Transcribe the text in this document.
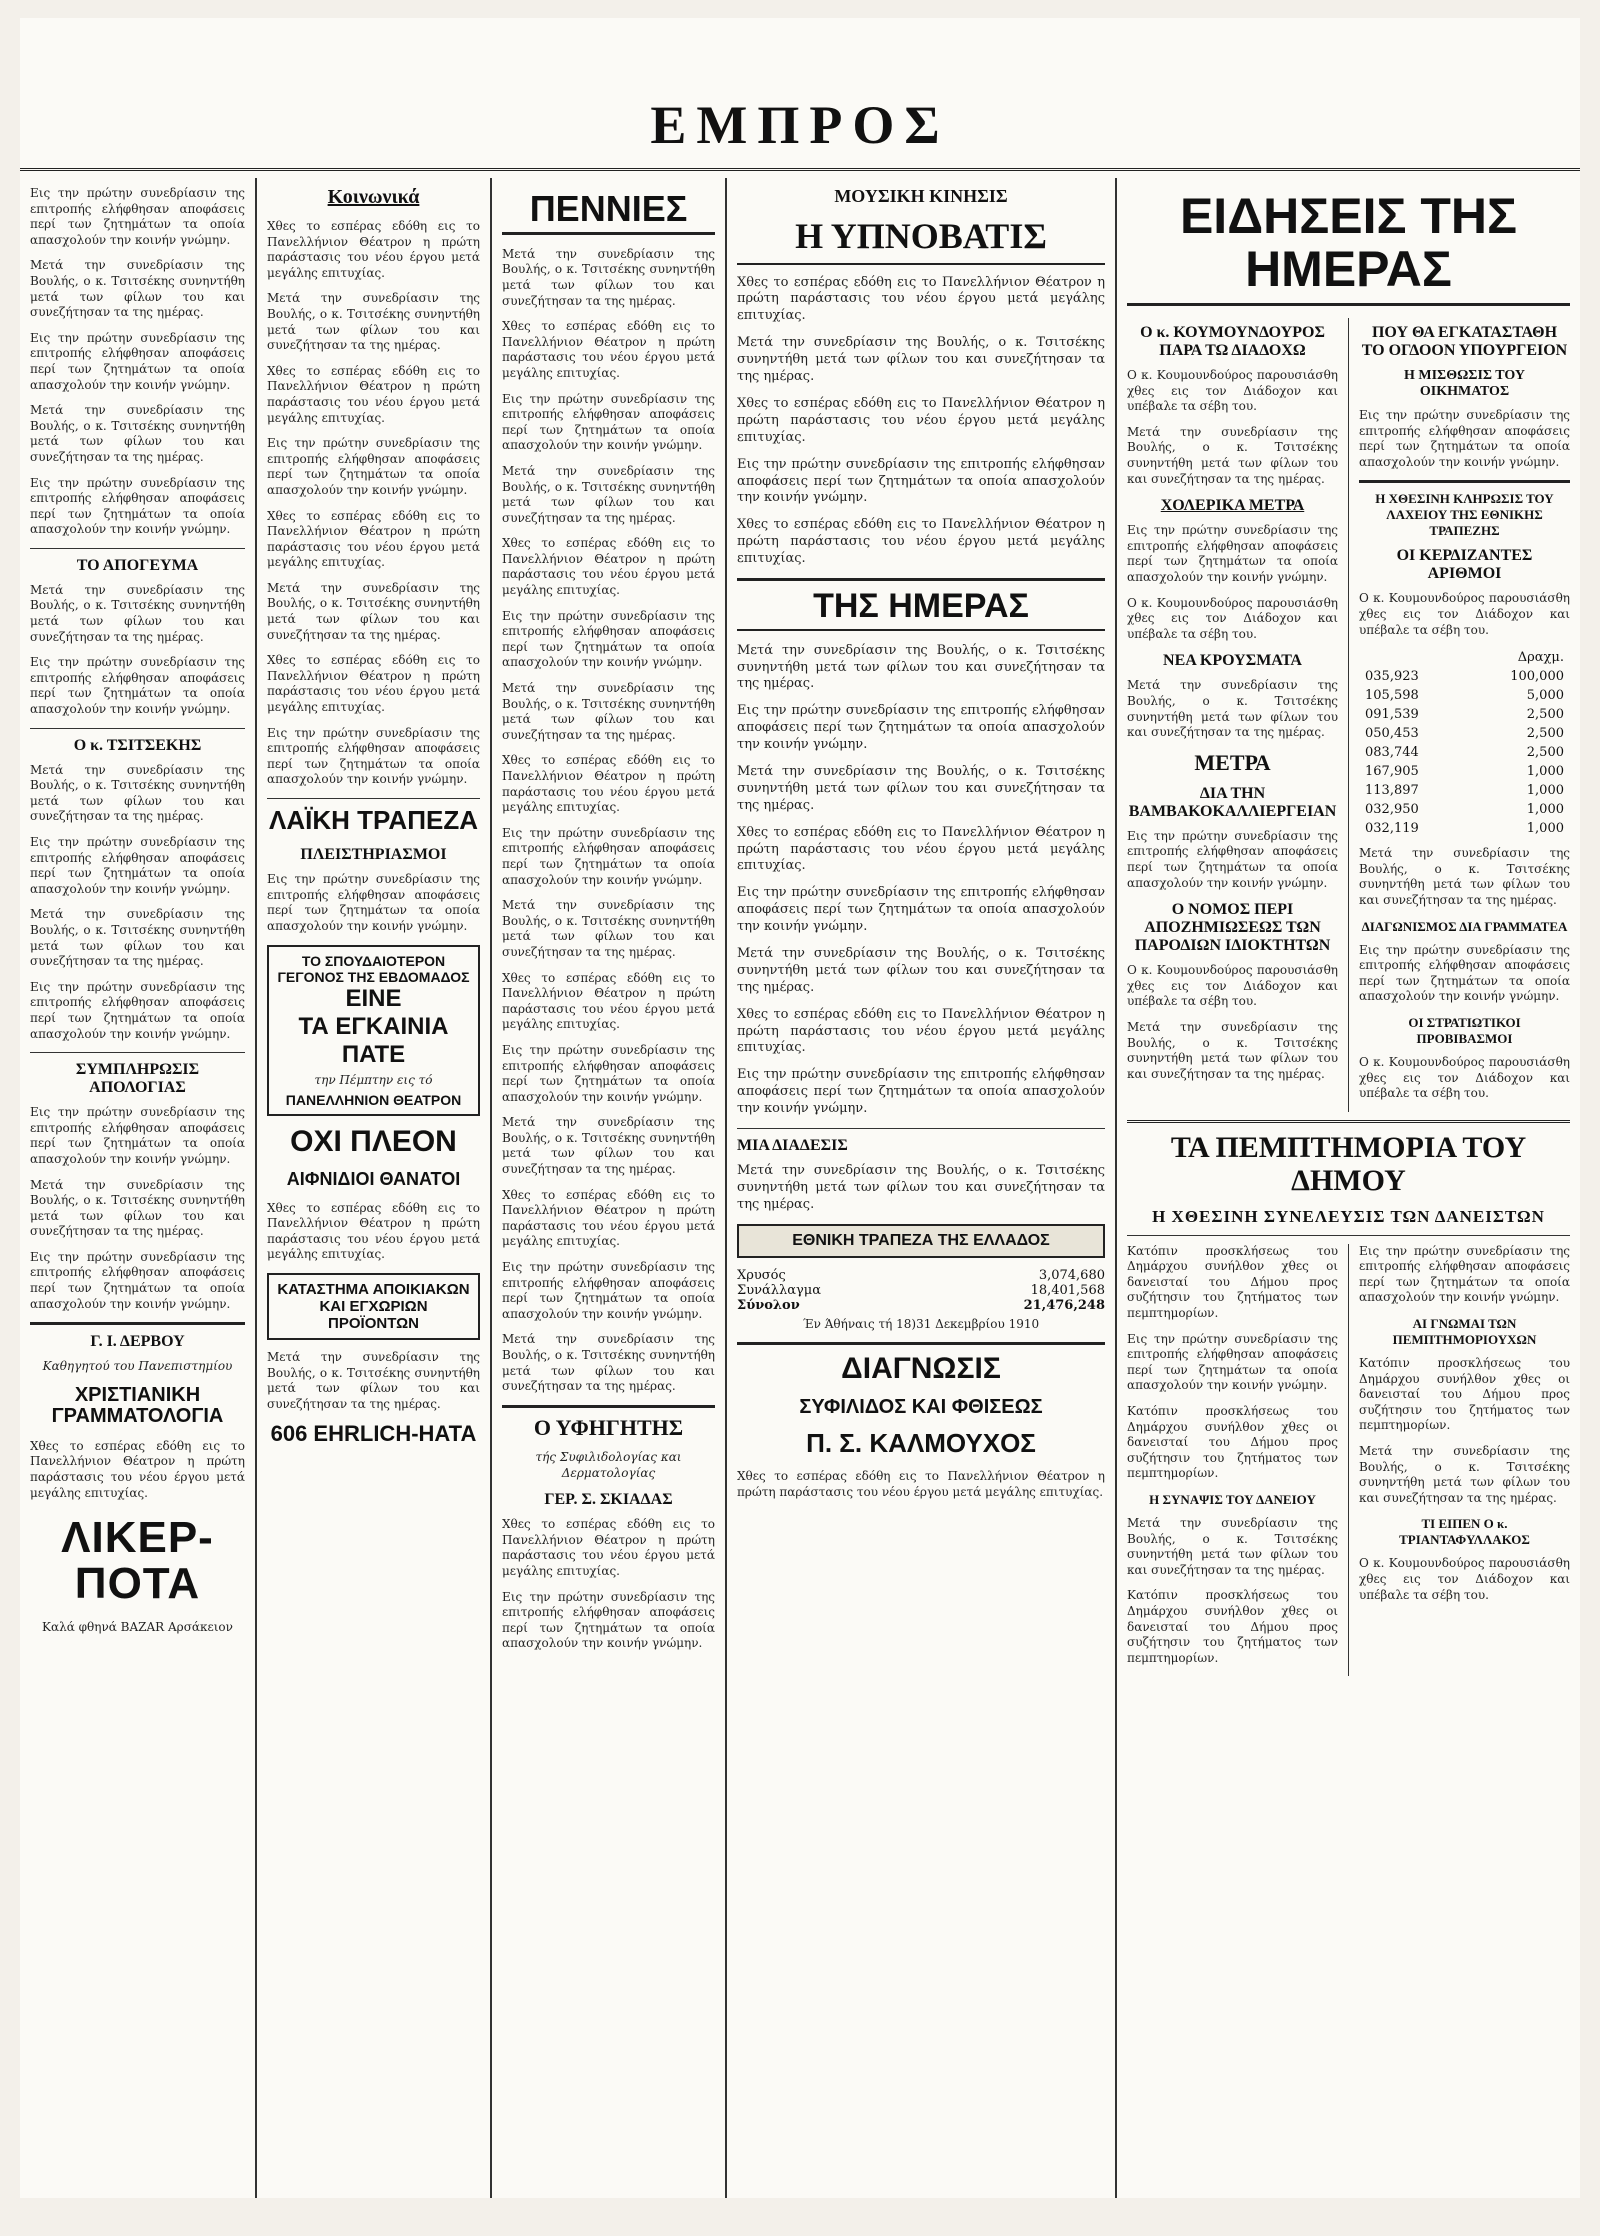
ΕΜΠΡΟΣ

Εις την πρώτην συνεδρίασιν της επιτροπής ελήφθησαν αποφάσεις περί των ζητημάτων τα οποία απασχολούν την κοινήν γνώμην.

Μετά την συνεδρίασιν της Βουλής, ο κ. Τσιτσέκης συνηντήθη μετά των φίλων του και συνεζήτησαν τα της ημέρας.

Εις την πρώτην συνεδρίασιν της επιτροπής ελήφθησαν αποφάσεις περί των ζητημάτων τα οποία απασχολούν την κοινήν γνώμην.

Μετά την συνεδρίασιν της Βουλής, ο κ. Τσιτσέκης συνηντήθη μετά των φίλων του και συνεζήτησαν τα της ημέρας.

Εις την πρώτην συνεδρίασιν της επιτροπής ελήφθησαν αποφάσεις περί των ζητημάτων τα οποία απασχολούν την κοινήν γνώμην.

ΤΟ ΑΠΟΓΕΥΜΑ

Μετά την συνεδρίασιν της Βουλής, ο κ. Τσιτσέκης συνηντήθη μετά των φίλων του και συνεζήτησαν τα της ημέρας.

Εις την πρώτην συνεδρίασιν της επιτροπής ελήφθησαν αποφάσεις περί των ζητημάτων τα οποία απασχολούν την κοινήν γνώμην.

Ο κ. ΤΣΙΤΣΕΚΗΣ

Μετά την συνεδρίασιν της Βουλής, ο κ. Τσιτσέκης συνηντήθη μετά των φίλων του και συνεζήτησαν τα της ημέρας.

Εις την πρώτην συνεδρίασιν της επιτροπής ελήφθησαν αποφάσεις περί των ζητημάτων τα οποία απασχολούν την κοινήν γνώμην.

Μετά την συνεδρίασιν της Βουλής, ο κ. Τσιτσέκης συνηντήθη μετά των φίλων του και συνεζήτησαν τα της ημέρας.

Εις την πρώτην συνεδρίασιν της επιτροπής ελήφθησαν αποφάσεις περί των ζητημάτων τα οποία απασχολούν την κοινήν γνώμην.

ΣΥΜΠΛΗΡΩΣΙΣ ΑΠΟΛΟΓΙΑΣ

Εις την πρώτην συνεδρίασιν της επιτροπής ελήφθησαν αποφάσεις περί των ζητημάτων τα οποία απασχολούν την κοινήν γνώμην.

Μετά την συνεδρίασιν της Βουλής, ο κ. Τσιτσέκης συνηντήθη μετά των φίλων του και συνεζήτησαν τα της ημέρας.

Εις την πρώτην συνεδρίασιν της επιτροπής ελήφθησαν αποφάσεις περί των ζητημάτων τα οποία απασχολούν την κοινήν γνώμην.

Γ. Ι. ΔΕΡΒΟΥ
Καθηγητού του Πανεπιστημίου
ΧΡΙΣΤΙΑΝΙΚΗ ΓΡΑΜΜΑΤΟΛΟΓΙΑ

Χθες το εσπέρας εδόθη εις το Πανελλήνιον Θέατρον η πρώτη παράστασις του νέου έργου μετά μεγάλης επιτυχίας.

ΛΙΚΕΡ-ΠΟΤΑ
Καλά φθηνά BAZAR Αρσάκειον
Κοινωνικά

Χθες το εσπέρας εδόθη εις το Πανελλήνιον Θέατρον η πρώτη παράστασις του νέου έργου μετά μεγάλης επιτυχίας.

Μετά την συνεδρίασιν της Βουλής, ο κ. Τσιτσέκης συνηντήθη μετά των φίλων του και συνεζήτησαν τα της ημέρας.

Χθες το εσπέρας εδόθη εις το Πανελλήνιον Θέατρον η πρώτη παράστασις του νέου έργου μετά μεγάλης επιτυχίας.

Εις την πρώτην συνεδρίασιν της επιτροπής ελήφθησαν αποφάσεις περί των ζητημάτων τα οποία απασχολούν την κοινήν γνώμην.

Χθες το εσπέρας εδόθη εις το Πανελλήνιον Θέατρον η πρώτη παράστασις του νέου έργου μετά μεγάλης επιτυχίας.

Μετά την συνεδρίασιν της Βουλής, ο κ. Τσιτσέκης συνηντήθη μετά των φίλων του και συνεζήτησαν τα της ημέρας.

Χθες το εσπέρας εδόθη εις το Πανελλήνιον Θέατρον η πρώτη παράστασις του νέου έργου μετά μεγάλης επιτυχίας.

Εις την πρώτην συνεδρίασιν της επιτροπής ελήφθησαν αποφάσεις περί των ζητημάτων τα οποία απασχολούν την κοινήν γνώμην.

ΛΑΪΚΗ ΤΡΑΠΕΖΑ
ΠΛΕΙΣΤΗΡΙΑΣΜΟΙ

Εις την πρώτην συνεδρίασιν της επιτροπής ελήφθησαν αποφάσεις περί των ζητημάτων τα οποία απασχολούν την κοινήν γνώμην.

ΤΟ ΣΠΟΥΔΑΙΟΤΕΡΟΝ
ΓΕΓΟΝΟΣ ΤΗΣ ΕΒΔΟΜΑΔΟΣ
ΕΙΝΕ
ΤΑ ΕΓΚΑΙΝΙΑ ΠΑΤΕ
την Πέμπτην εις τό
ΠΑΝΕΛΛΗΝΙΟΝ ΘΕΑΤΡΟΝ
ΟΧΙ ΠΛΕΟΝ
ΑΙΦΝΙΔΙΟΙ ΘΑΝΑΤΟΙ

Χθες το εσπέρας εδόθη εις το Πανελλήνιον Θέατρον η πρώτη παράστασις του νέου έργου μετά μεγάλης επιτυχίας.

ΚΑΤΑΣΤΗΜΑ ΑΠΟΙΚΙΑΚΩΝ ΚΑΙ ΕΓΧΩΡΙΩΝ ΠΡΟΪΟΝΤΩΝ

Μετά την συνεδρίασιν της Βουλής, ο κ. Τσιτσέκης συνηντήθη μετά των φίλων του και συνεζήτησαν τα της ημέρας.

606 EHRLICH-HATA
ΠΕΝΝΙΕΣ

Μετά την συνεδρίασιν της Βουλής, ο κ. Τσιτσέκης συνηντήθη μετά των φίλων του και συνεζήτησαν τα της ημέρας.

Χθες το εσπέρας εδόθη εις το Πανελλήνιον Θέατρον η πρώτη παράστασις του νέου έργου μετά μεγάλης επιτυχίας.

Εις την πρώτην συνεδρίασιν της επιτροπής ελήφθησαν αποφάσεις περί των ζητημάτων τα οποία απασχολούν την κοινήν γνώμην.

Μετά την συνεδρίασιν της Βουλής, ο κ. Τσιτσέκης συνηντήθη μετά των φίλων του και συνεζήτησαν τα της ημέρας.

Χθες το εσπέρας εδόθη εις το Πανελλήνιον Θέατρον η πρώτη παράστασις του νέου έργου μετά μεγάλης επιτυχίας.

Εις την πρώτην συνεδρίασιν της επιτροπής ελήφθησαν αποφάσεις περί των ζητημάτων τα οποία απασχολούν την κοινήν γνώμην.

Μετά την συνεδρίασιν της Βουλής, ο κ. Τσιτσέκης συνηντήθη μετά των φίλων του και συνεζήτησαν τα της ημέρας.

Χθες το εσπέρας εδόθη εις το Πανελλήνιον Θέατρον η πρώτη παράστασις του νέου έργου μετά μεγάλης επιτυχίας.

Εις την πρώτην συνεδρίασιν της επιτροπής ελήφθησαν αποφάσεις περί των ζητημάτων τα οποία απασχολούν την κοινήν γνώμην.

Μετά την συνεδρίασιν της Βουλής, ο κ. Τσιτσέκης συνηντήθη μετά των φίλων του και συνεζήτησαν τα της ημέρας.

Χθες το εσπέρας εδόθη εις το Πανελλήνιον Θέατρον η πρώτη παράστασις του νέου έργου μετά μεγάλης επιτυχίας.

Εις την πρώτην συνεδρίασιν της επιτροπής ελήφθησαν αποφάσεις περί των ζητημάτων τα οποία απασχολούν την κοινήν γνώμην.

Μετά την συνεδρίασιν της Βουλής, ο κ. Τσιτσέκης συνηντήθη μετά των φίλων του και συνεζήτησαν τα της ημέρας.

Χθες το εσπέρας εδόθη εις το Πανελλήνιον Θέατρον η πρώτη παράστασις του νέου έργου μετά μεγάλης επιτυχίας.

Εις την πρώτην συνεδρίασιν της επιτροπής ελήφθησαν αποφάσεις περί των ζητημάτων τα οποία απασχολούν την κοινήν γνώμην.

Μετά την συνεδρίασιν της Βουλής, ο κ. Τσιτσέκης συνηντήθη μετά των φίλων του και συνεζήτησαν τα της ημέρας.

Ο ΥΦΗΓΗΤΗΣ
τής Συφιλιδολογίας και Δερματολογίας
ΓΕΡ. Σ. ΣΚΙΑΔΑΣ

Χθες το εσπέρας εδόθη εις το Πανελλήνιον Θέατρον η πρώτη παράστασις του νέου έργου μετά μεγάλης επιτυχίας.

Εις την πρώτην συνεδρίασιν της επιτροπής ελήφθησαν αποφάσεις περί των ζητημάτων τα οποία απασχολούν την κοινήν γνώμην.

ΜΟΥΣΙΚΗ ΚΙΝΗΣΙΣ
Η ΥΠΝΟΒΑΤΙΣ

Χθες το εσπέρας εδόθη εις το Πανελλήνιον Θέατρον η πρώτη παράστασις του νέου έργου μετά μεγάλης επιτυχίας.

Μετά την συνεδρίασιν της Βουλής, ο κ. Τσιτσέκης συνηντήθη μετά των φίλων του και συνεζήτησαν τα της ημέρας.

Χθες το εσπέρας εδόθη εις το Πανελλήνιον Θέατρον η πρώτη παράστασις του νέου έργου μετά μεγάλης επιτυχίας.

Εις την πρώτην συνεδρίασιν της επιτροπής ελήφθησαν αποφάσεις περί των ζητημάτων τα οποία απασχολούν την κοινήν γνώμην.

Χθες το εσπέρας εδόθη εις το Πανελλήνιον Θέατρον η πρώτη παράστασις του νέου έργου μετά μεγάλης επιτυχίας.

ΤΗΣ ΗΜΕΡΑΣ

Μετά την συνεδρίασιν της Βουλής, ο κ. Τσιτσέκης συνηντήθη μετά των φίλων του και συνεζήτησαν τα της ημέρας.

Εις την πρώτην συνεδρίασιν της επιτροπής ελήφθησαν αποφάσεις περί των ζητημάτων τα οποία απασχολούν την κοινήν γνώμην.

Μετά την συνεδρίασιν της Βουλής, ο κ. Τσιτσέκης συνηντήθη μετά των φίλων του και συνεζήτησαν τα της ημέρας.

Χθες το εσπέρας εδόθη εις το Πανελλήνιον Θέατρον η πρώτη παράστασις του νέου έργου μετά μεγάλης επιτυχίας.

Εις την πρώτην συνεδρίασιν της επιτροπής ελήφθησαν αποφάσεις περί των ζητημάτων τα οποία απασχολούν την κοινήν γνώμην.

Μετά την συνεδρίασιν της Βουλής, ο κ. Τσιτσέκης συνηντήθη μετά των φίλων του και συνεζήτησαν τα της ημέρας.

Χθες το εσπέρας εδόθη εις το Πανελλήνιον Θέατρον η πρώτη παράστασις του νέου έργου μετά μεγάλης επιτυχίας.

Εις την πρώτην συνεδρίασιν της επιτροπής ελήφθησαν αποφάσεις περί των ζητημάτων τα οποία απασχολούν την κοινήν γνώμην.

ΜΙΑ ΔΙΑΔΕΣΙΣ

Μετά την συνεδρίασιν της Βουλής, ο κ. Τσιτσέκης συνηντήθη μετά των φίλων του και συνεζήτησαν τα της ημέρας.

ΕΘΝΙΚΗ ΤΡΑΠΕΖΑ ΤΗΣ ΕΛΛΑΔΟΣ
Χρυσός	3,074,680
Συνάλλαγμα	18,401,568
Σύνολον	21,476,248
Έν Άθήναις τή 18)31 Δεκεμβρίου 1910
ΔΙΑΓΝΩΣΙΣ
ΣΥΦΙΛΙΔΟΣ ΚΑΙ ΦΘΙΣΕΩΣ
Π. Σ. ΚΑΛΜΟΥΧΟΣ

Χθες το εσπέρας εδόθη εις το Πανελλήνιον Θέατρον η πρώτη παράστασις του νέου έργου μετά μεγάλης επιτυχίας.

ΕΙΔΗΣΕΙΣ ΤΗΣ ΗΜΕΡΑΣ
Ο κ. ΚΟΥΜΟΥΝΔΟΥΡΟΣ ΠΑΡΑ ΤΩ ΔΙΑΔΟΧΩ

Ο κ. Κουμουνδούρος παρουσιάσθη χθες εις τον Διάδοχον και υπέβαλε τα σέβη του.

Μετά την συνεδρίασιν της Βουλής, ο κ. Τσιτσέκης συνηντήθη μετά των φίλων του και συνεζήτησαν τα της ημέρας.

ΧΟΛΕΡΙΚΑ ΜΕΤΡΑ

Εις την πρώτην συνεδρίασιν της επιτροπής ελήφθησαν αποφάσεις περί των ζητημάτων τα οποία απασχολούν την κοινήν γνώμην.

Ο κ. Κουμουνδούρος παρουσιάσθη χθες εις τον Διάδοχον και υπέβαλε τα σέβη του.

ΝΕΑ ΚΡΟΥΣΜΑΤΑ

Μετά την συνεδρίασιν της Βουλής, ο κ. Τσιτσέκης συνηντήθη μετά των φίλων του και συνεζήτησαν τα της ημέρας.

ΜΕΤΡΑ
ΔΙΑ ΤΗΝ ΒΑΜΒΑΚΟΚΑΛΛΙΕΡΓΕΙΑΝ

Εις την πρώτην συνεδρίασιν της επιτροπής ελήφθησαν αποφάσεις περί των ζητημάτων τα οποία απασχολούν την κοινήν γνώμην.

Ο ΝΟΜΟΣ ΠΕΡΙ ΑΠΟΖΗΜΙΩΣΕΩΣ ΤΩΝ ΠΑΡΟΔΙΩΝ ΙΔΙΟΚΤΗΤΩΝ

Ο κ. Κουμουνδούρος παρουσιάσθη χθες εις τον Διάδοχον και υπέβαλε τα σέβη του.

Μετά την συνεδρίασιν της Βουλής, ο κ. Τσιτσέκης συνηντήθη μετά των φίλων του και συνεζήτησαν τα της ημέρας.

ΠΟΥ ΘΑ ΕΓΚΑΤΑΣΤΑΘΗ ΤΟ ΟΓΔΟΟΝ ΥΠΟΥΡΓΕΙΟΝ
Η ΜΙΣΘΩΣΙΣ ΤΟΥ ΟΙΚΗΜΑΤΟΣ

Εις την πρώτην συνεδρίασιν της επιτροπής ελήφθησαν αποφάσεις περί των ζητημάτων τα οποία απασχολούν την κοινήν γνώμην.

Η ΧΘΕΣΙΝΗ ΚΛΗΡΩΣΙΣ ΤΟΥ ΛΑΧΕΙΟΥ ΤΗΣ ΕΘΝΙΚΗΣ ΤΡΑΠΕΖΗΣ
ΟΙ ΚΕΡΔΙΖΑΝΤΕΣ ΑΡΙΘΜΟΙ

Ο κ. Κουμουνδούρος παρουσιάσθη χθες εις τον Διάδοχον και υπέβαλε τα σέβη του.

	Δραχμ.
035,923	100,000
105,598	5,000
091,539	2,500
050,453	2,500
083,744	2,500
167,905	1,000
113,897	1,000
032,950	1,000
032,119	1,000

Μετά την συνεδρίασιν της Βουλής, ο κ. Τσιτσέκης συνηντήθη μετά των φίλων του και συνεζήτησαν τα της ημέρας.

ΔΙΑΓΩΝΙΣΜΟΣ ΔΙΑ ΓΡΑΜΜΑΤΕΑ

Εις την πρώτην συνεδρίασιν της επιτροπής ελήφθησαν αποφάσεις περί των ζητημάτων τα οποία απασχολούν την κοινήν γνώμην.

ΟΙ ΣΤΡΑΤΙΩΤΙΚΟΙ ΠΡΟΒΙΒΑΣΜΟΙ

Ο κ. Κουμουνδούρος παρουσιάσθη χθες εις τον Διάδοχον και υπέβαλε τα σέβη του.

ΤΑ ΠΕΜΠΤΗΜΟΡΙΑ ΤΟΥ ΔΗΜΟΥ
Η ΧΘΕΣΙΝΗ ΣΥΝΕΛΕΥΣΙΣ ΤΩΝ ΔΑΝΕΙΣΤΩΝ

Κατόπιν προσκλήσεως του Δημάρχου συνήλθον χθες οι δανεισταί του Δήμου προς συζήτησιν του ζητήματος των πεμπτημορίων.

Εις την πρώτην συνεδρίασιν της επιτροπής ελήφθησαν αποφάσεις περί των ζητημάτων τα οποία απασχολούν την κοινήν γνώμην.

Κατόπιν προσκλήσεως του Δημάρχου συνήλθον χθες οι δανεισταί του Δήμου προς συζήτησιν του ζητήματος των πεμπτημορίων.

Η ΣΥΝΑΨΙΣ ΤΟΥ ΔΑΝΕΙΟΥ

Μετά την συνεδρίασιν της Βουλής, ο κ. Τσιτσέκης συνηντήθη μετά των φίλων του και συνεζήτησαν τα της ημέρας.

Κατόπιν προσκλήσεως του Δημάρχου συνήλθον χθες οι δανεισταί του Δήμου προς συζήτησιν του ζητήματος των πεμπτημορίων.

Εις την πρώτην συνεδρίασιν της επιτροπής ελήφθησαν αποφάσεις περί των ζητημάτων τα οποία απασχολούν την κοινήν γνώμην.

ΑΙ ΓΝΩΜΑΙ ΤΩΝ ΠΕΜΠΤΗΜΟΡΙΟΥΧΩΝ

Κατόπιν προσκλήσεως του Δημάρχου συνήλθον χθες οι δανεισταί του Δήμου προς συζήτησιν του ζητήματος των πεμπτημορίων.

Μετά την συνεδρίασιν της Βουλής, ο κ. Τσιτσέκης συνηντήθη μετά των φίλων του και συνεζήτησαν τα της ημέρας.

ΤΙ ΕΙΠΕΝ Ο κ. ΤΡΙΑΝΤΑΦΥΛΛΑΚΟΣ

Ο κ. Κουμουνδούρος παρουσιάσθη χθες εις τον Διάδοχον και υπέβαλε τα σέβη του.
